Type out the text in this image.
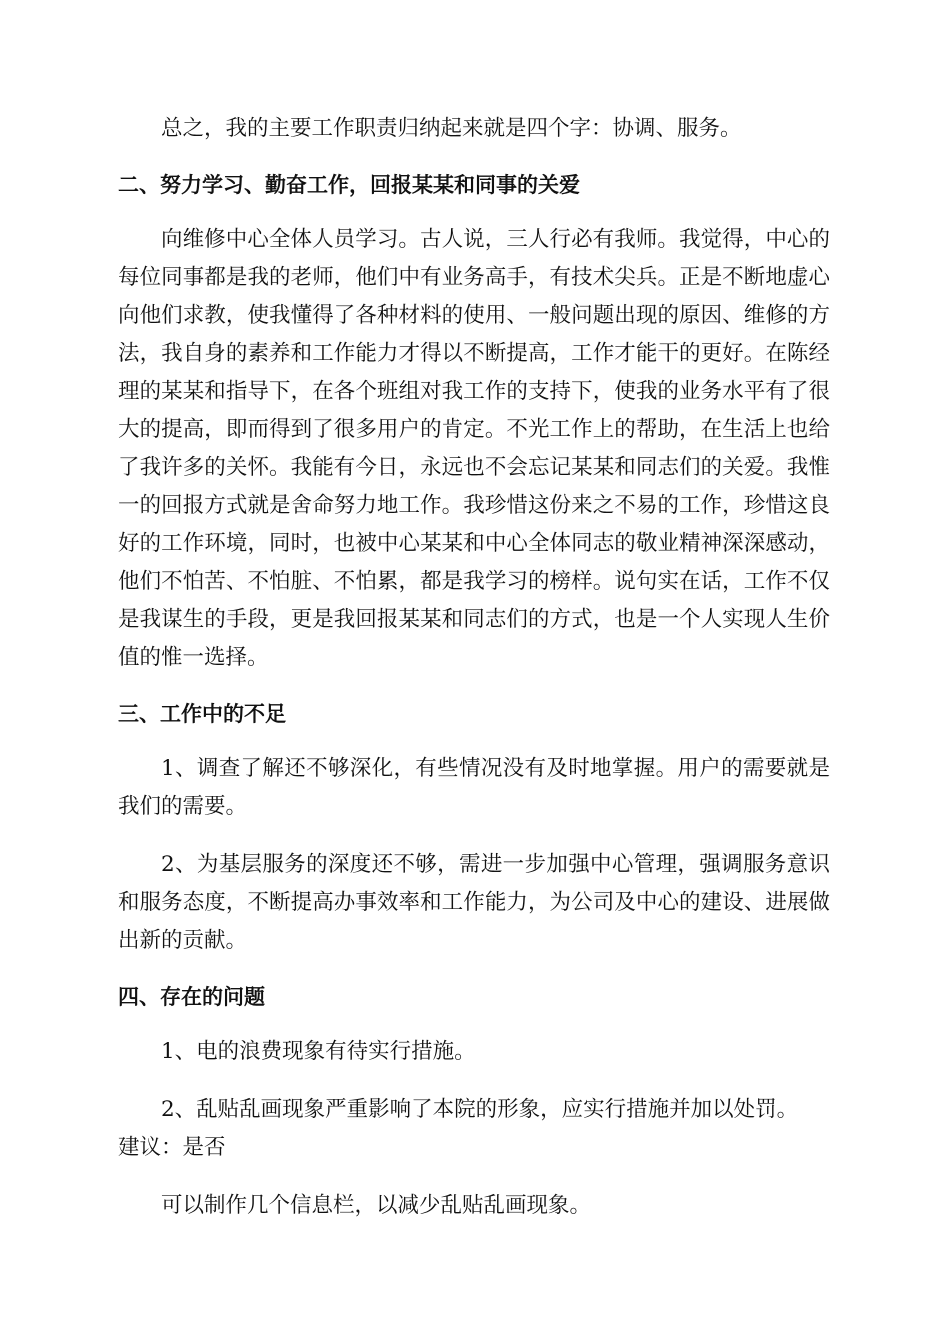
总之，我的主要工作职责归纳起来就是四个字：协调、服务。

二、努力学习、勤奋工作，回报某某和同事的关爱

向维修中心全体人员学习。古人说，三人行必有我师。我觉得，中心的每位同事都是我的老师，他们中有业务高手，有技术尖兵。正是不断地虚心向他们求教，使我懂得了各种材料的使用、一般问题出现的原因、维修的方法，我自身的素养和工作能力才得以不断提高，工作才能干的更好。在陈经理的某某和指导下，在各个班组对我工作的支持下，使我的业务水平有了很大的提高，即而得到了很多用户的肯定。不光工作上的帮助，在生活上也给了我许多的关怀。我能有今日，永远也不会忘记某某和同志们的关爱。我惟一的回报方式就是舍命努力地工作。我珍惜这份来之不易的工作，珍惜这良好的工作环境，同时，也被中心某某和中心全体同志的敬业精神深深感动，他们不怕苦、不怕脏、不怕累，都是我学习的榜样。说句实在话，工作不仅是我谋生的手段，更是我回报某某和同志们的方式，也是一个人实现人生价值的惟一选择。

三、工作中的不足

1、调查了解还不够深化，有些情况没有及时地掌握。用户的需要就是我们的需要。

2、为基层服务的深度还不够，需进一步加强中心管理，强调服务意识和服务态度，不断提高办事效率和工作能力，为公司及中心的建设、进展做出新的贡献。

四、存在的问题

1、电的浪费现象有待实行措施。

2、乱贴乱画现象严重影响了本院的形象，应实行措施并加以处罚。

建议：是否

可以制作几个信息栏，以减少乱贴乱画现象。
